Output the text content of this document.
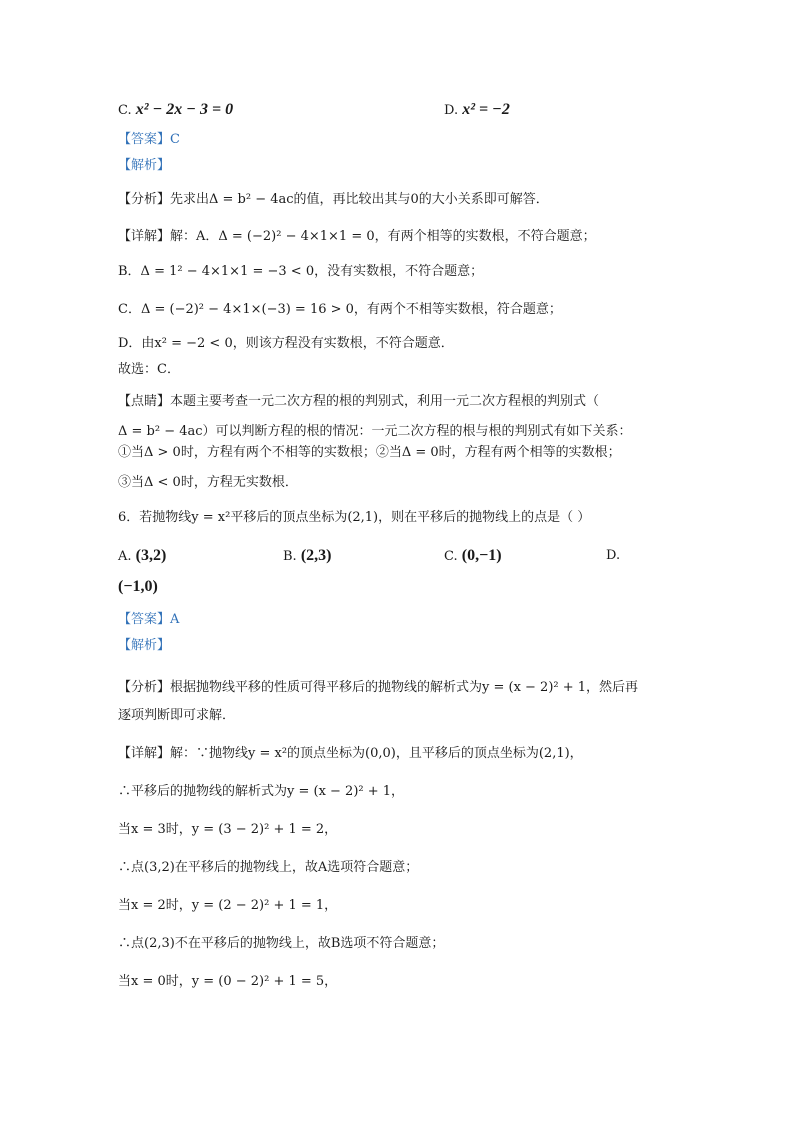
C. x² − 2x − 3 = 0	D. x² = −2
【答案】C
【解析】
【分析】先求出Δ = b² − 4ac的值，再比较出其与0的大小关系即可解答．
【详解】解：A．Δ = (−2)² − 4×1×1 = 0，有两个相等的实数根，不符合题意；
B．Δ = 1² − 4×1×1 = −3 < 0，没有实数根，不符合题意；
C．Δ = (−2)² − 4×1×(−3) = 16 > 0，有两个不相等实数根，符合题意；
D．由x² = −2 < 0，则该方程没有实数根，不符合题意．
故选：C．
【点睛】本题主要考查一元二次方程的根的判别式，利用一元二次方程根的判别式（
Δ = b² − 4ac）可以判断方程的根的情况：一元二次方程的根与根的判别式有如下关系：
①当Δ > 0时，方程有两个不相等的实数根；②当Δ = 0时，方程有两个相等的实数根；
③当Δ < 0时，方程无实数根．
6．若抛物线y = x²平移后的顶点坐标为(2,1)，则在平移后的抛物线上的点是（ ）
A. (3,2)	B. (2,3)	C. (0,−1)	D.
(−1,0)
【答案】A
【解析】
【分析】根据抛物线平移的性质可得平移后的抛物线的解析式为y = (x − 2)² + 1，然后再
逐项判断即可求解．
【详解】解：∵抛物线y = x²的顶点坐标为(0,0)，且平移后的顶点坐标为(2,1)，
∴平移后的抛物线的解析式为y = (x − 2)² + 1，
当x = 3时，y = (3 − 2)² + 1 = 2，
∴点(3,2)在平移后的抛物线上，故A选项符合题意；
当x = 2时，y = (2 − 2)² + 1 = 1，
∴点(2,3)不在平移后的抛物线上，故B选项不符合题意；
当x = 0时，y = (0 − 2)² + 1 = 5，
